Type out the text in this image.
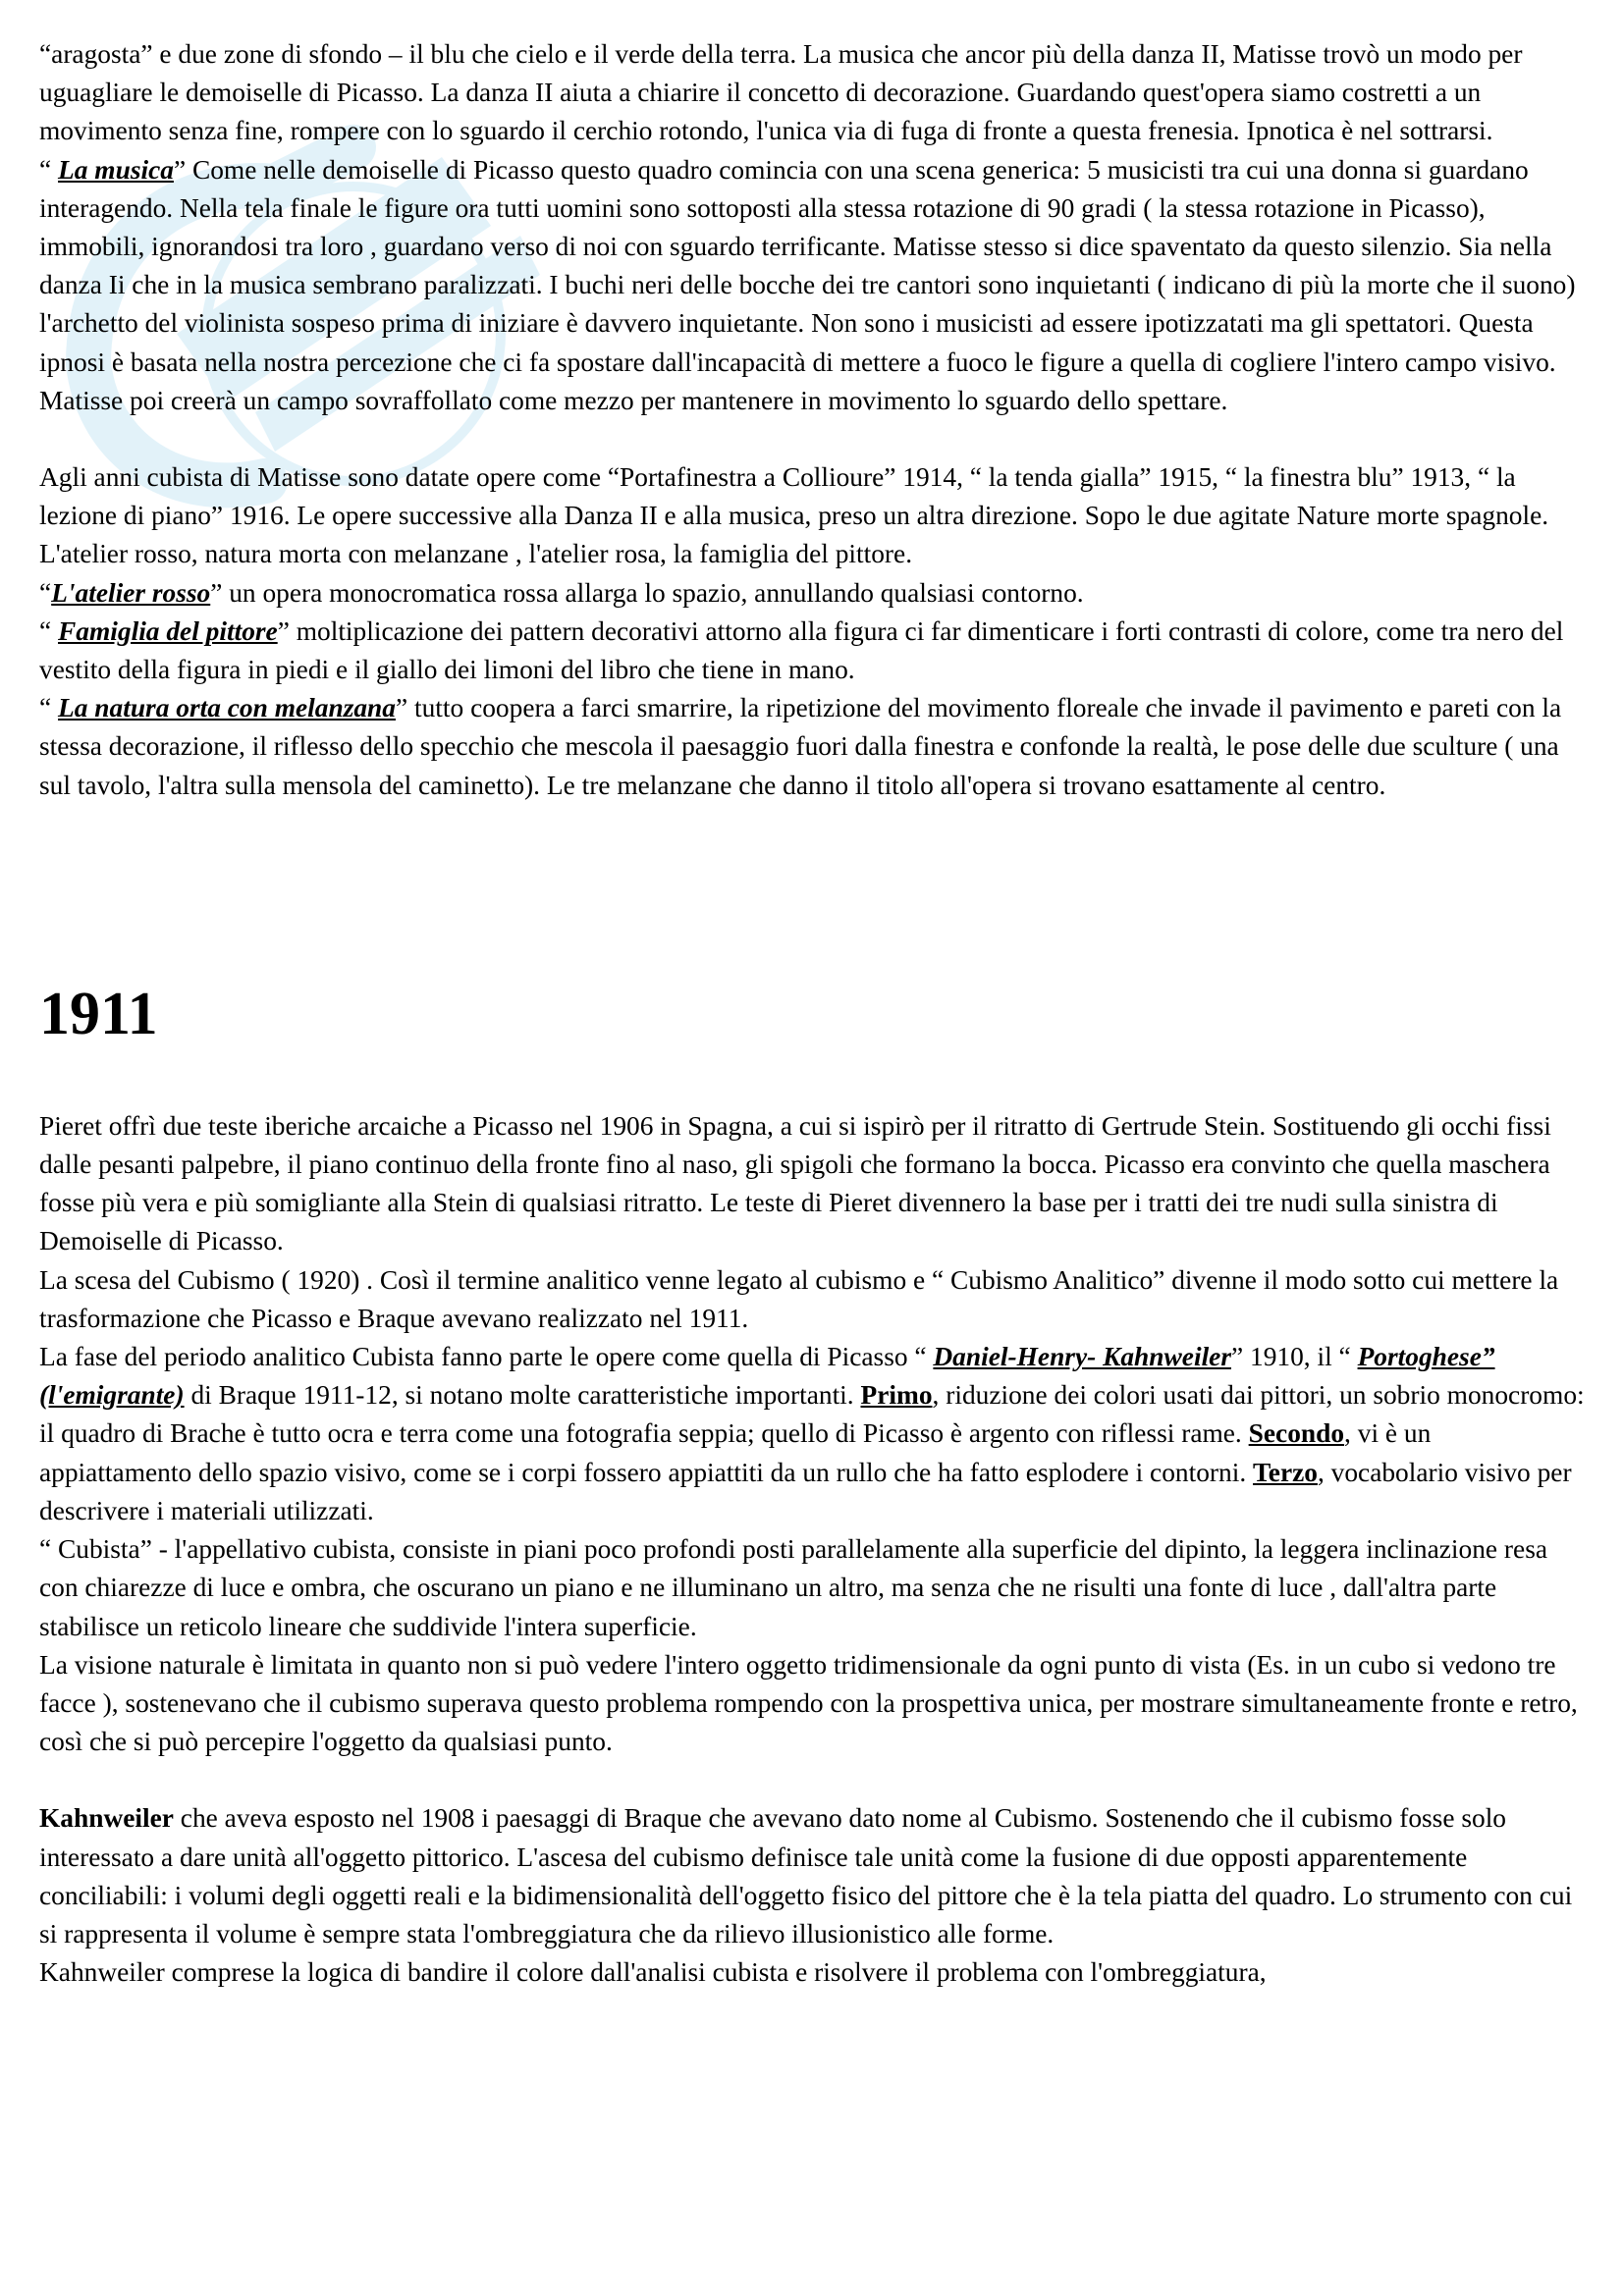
“aragosta” e due zone di sfondo – il blu che cielo e il verde della terra. La musica che ancor più della danza II, Matisse trovò un modo per uguagliare le demoiselle di Picasso. La danza II aiuta a chiarire il concetto di decorazione. Guardando quest'opera siamo costretti a un movimento senza fine, rompere con lo sguardo il cerchio rotondo, l'unica via di fuga di fronte a questa frenesia. Ipnotica è nel sottrarsi.

“ La musica” Come nelle demoiselle di Picasso questo quadro comincia con una scena generica: 5 musicisti tra cui una donna si guardano interagendo. Nella tela finale le figure ora tutti uomini sono sottoposti alla stessa rotazione di 90 gradi ( la stessa rotazione in Picasso), immobili, ignorandosi tra loro , guardano verso di noi con sguardo terrificante. Matisse stesso si dice spaventato da questo silenzio. Sia nella danza Ii che in la musica sembrano paralizzati. I buchi neri delle bocche dei tre cantori sono inquietanti ( indicano di più la morte che il suono) l'archetto del violinista sospeso prima di iniziare è davvero inquietante. Non sono i musicisti ad essere ipotizzatati ma gli spettatori. Questa ipnosi è basata nella nostra percezione che ci fa spostare dall'incapacità di mettere a fuoco le figure a quella di cogliere l'intero campo visivo. Matisse poi creerà un campo sovraffollato come mezzo per mantenere in movimento lo sguardo dello spettare.

Agli anni cubista di Matisse sono datate opere come “Portafinestra a Collioure” 1914, “ la tenda gialla” 1915, “ la finestra blu” 1913, “ la lezione di piano” 1916. Le opere successive alla Danza II e alla musica, preso un altra direzione. Sopo le due agitate Nature morte spagnole. L'atelier rosso, natura morta con melanzane , l'atelier rosa, la famiglia del pittore.

“L'atelier rosso” un opera monocromatica rossa allarga lo spazio, annullando qualsiasi contorno.

“ Famiglia del pittore” moltiplicazione dei pattern decorativi attorno alla figura ci far dimenticare i forti contrasti di colore, come tra nero del vestito della figura in piedi e il giallo dei limoni del libro che tiene in mano.

“ La natura orta con melanzana” tutto coopera a farci smarrire, la ripetizione del movimento floreale che invade il pavimento e pareti con la stessa decorazione, il riflesso dello specchio che mescola il paesaggio fuori dalla finestra e confonde la realtà, le pose delle due sculture ( una sul tavolo, l'altra sulla mensola del caminetto). Le tre melanzane che danno il titolo all'opera si trovano esattamente al centro.

1911

Pieret offrì due teste iberiche arcaiche a Picasso nel 1906 in Spagna, a cui si ispirò per il ritratto di Gertrude Stein. Sostituendo gli occhi fissi dalle pesanti palpebre, il piano continuo della fronte fino al naso, gli spigoli che formano la bocca. Picasso era convinto che quella maschera fosse più vera e più somigliante alla Stein di qualsiasi ritratto. Le teste di Pieret divennero la base per i tratti dei tre nudi sulla sinistra di Demoiselle di Picasso.

La scesa del Cubismo ( 1920) . Così il termine analitico venne legato al cubismo e “ Cubismo Analitico” divenne il modo sotto cui mettere la trasformazione che Picasso e Braque avevano realizzato nel 1911.

La fase del periodo analitico Cubista fanno parte le opere come quella di Picasso “ Daniel-Henry- Kahnweiler” 1910, il “ Portoghese” (l'emigrante) di Braque 1911-12, si notano molte caratteristiche importanti. Primo, riduzione dei colori usati dai pittori, un sobrio monocromo: il quadro di Brache è tutto ocra e terra come una fotografia seppia; quello di Picasso è argento con riflessi rame. Secondo, vi è un appiattamento dello spazio visivo, come se i corpi fossero appiattiti da un rullo che ha fatto esplodere i contorni. Terzo, vocabolario visivo per descrivere i materiali utilizzati.

“ Cubista” - l'appellativo cubista, consiste in piani poco profondi posti parallelamente alla superficie del dipinto, la leggera inclinazione resa con chiarezze di luce e ombra, che oscurano un piano e ne illuminano un altro, ma senza che ne risulti una fonte di luce , dall'altra parte stabilisce un reticolo lineare che suddivide l'intera superficie.

La visione naturale è limitata in quanto non si può vedere l'intero oggetto tridimensionale da ogni punto di vista (Es. in un cubo si vedono tre facce ), sostenevano che il cubismo superava questo problema rompendo con la prospettiva unica, per mostrare simultaneamente fronte e retro, così che si può percepire l'oggetto da qualsiasi punto.

Kahnweiler che aveva esposto nel 1908 i paesaggi di Braque che avevano dato nome al Cubismo. Sostenendo che il cubismo fosse solo interessato a dare unità all'oggetto pittorico. L'ascesa del cubismo definisce tale unità come la fusione di due opposti apparentemente conciliabili: i volumi degli oggetti reali e la bidimensionalità dell'oggetto fisico del pittore che è la tela piatta del quadro. Lo strumento con cui si rappresenta il volume è sempre stata l'ombreggiatura che da rilievo illusionistico alle forme.

Kahnweiler comprese la logica di bandire il colore dall'analisi cubista e risolvere il problema con l'ombreggiatura,
